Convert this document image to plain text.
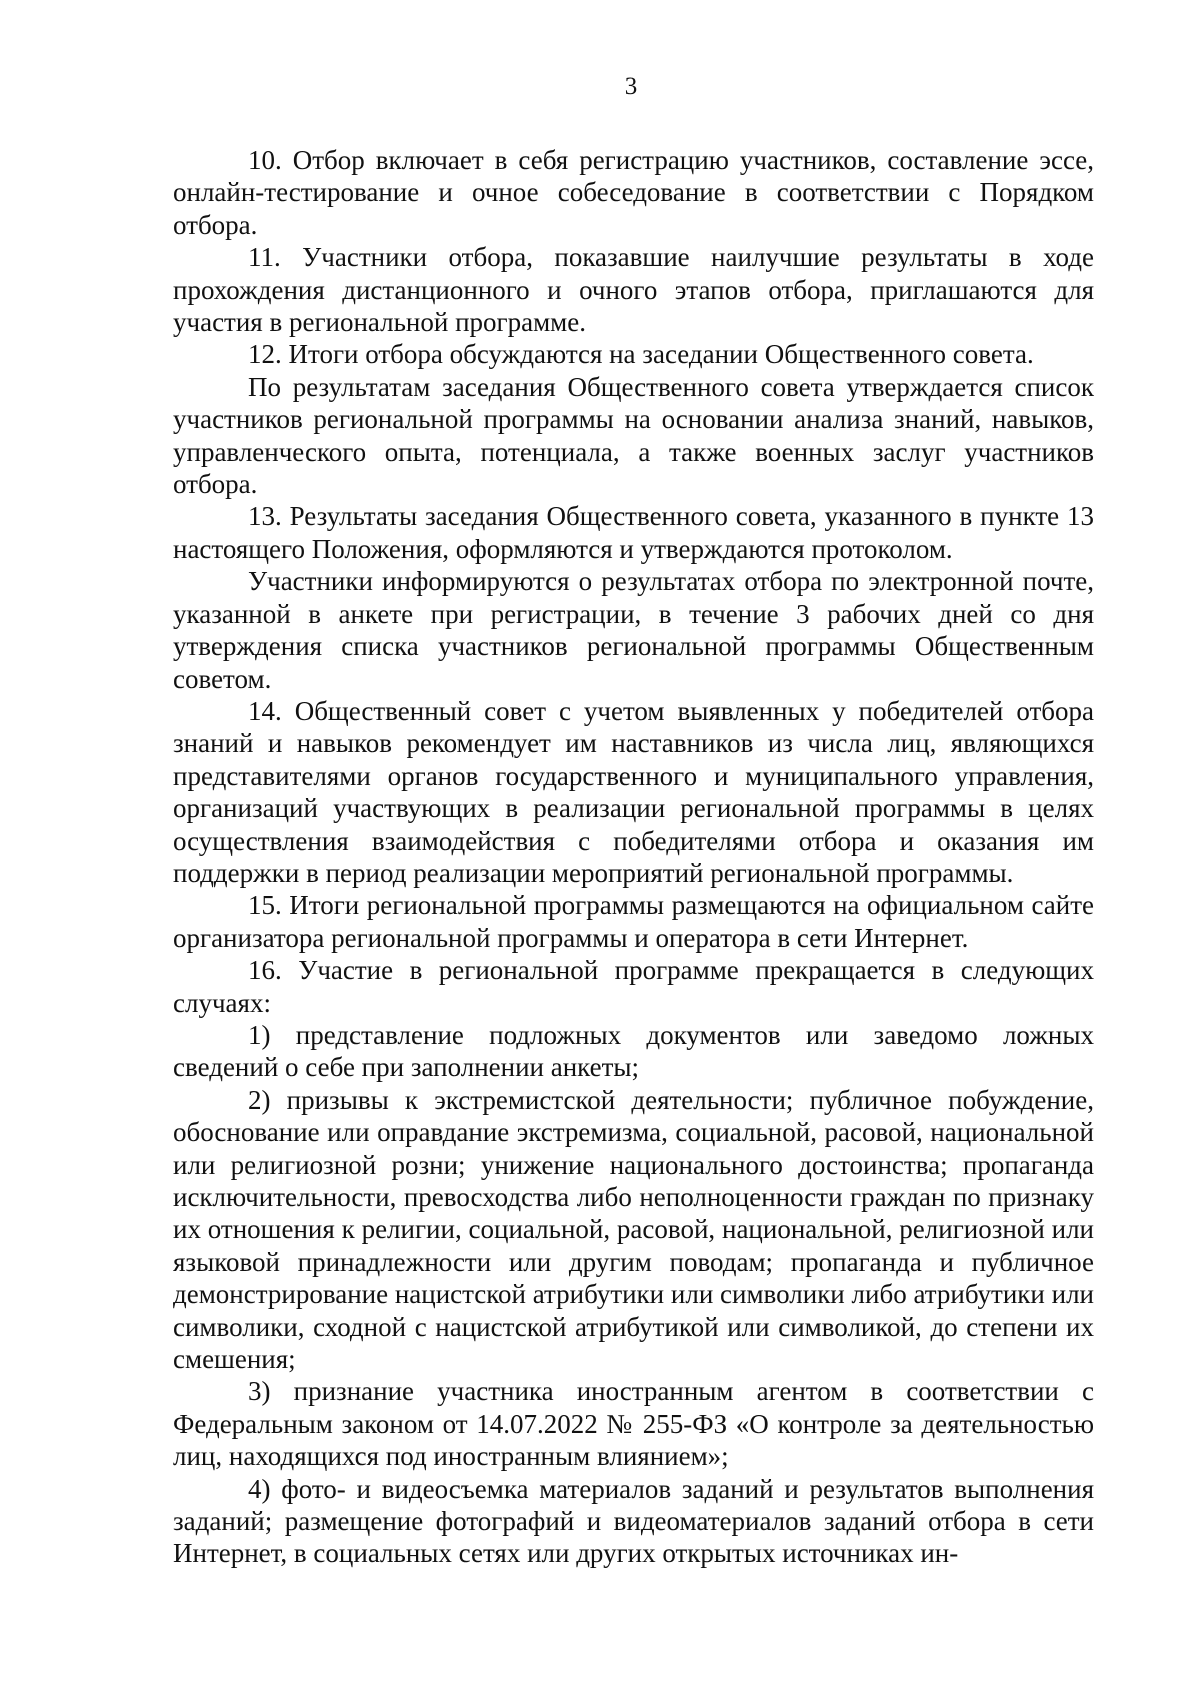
3

10. Отбор включает в себя регистрацию участников, составление эссе, онлайн-тестирование и очное собеседование в соответствии с Порядком отбора.

11. Участники отбора, показавшие наилучшие результаты в ходе прохождения дистанционного и очного этапов отбора, приглашаются для участия в региональной программе.

12. Итоги отбора обсуждаются на заседании Общественного совета.

По результатам заседания Общественного совета утверждается список участников региональной программы на основании анализа знаний, навыков, управленческого опыта, потенциала, а также военных заслуг участников отбора.

13. Результаты заседания Общественного совета, указанного в пункте 13 настоящего Положения, оформляются и утверждаются протоколом.

Участники информируются о результатах отбора по электронной почте, указанной в анкете при регистрации, в течение 3 рабочих дней со дня утверждения списка участников региональной программы Общественным советом.

14. Общественный совет с учетом выявленных у победителей отбора знаний и навыков рекомендует им наставников из числа лиц, являющихся представителями органов государственного и муниципального управления, организаций участвующих в реализации региональной программы в целях осуществления взаимодействия с победителями отбора и оказания им поддержки в период реализации мероприятий региональной программы.

15. Итоги региональной программы размещаются на официальном сайте организатора региональной программы и оператора в сети Интернет.

16. Участие в региональной программе прекращается в следующих случаях:

1) представление подложных документов или заведомо ложных сведений о себе при заполнении анкеты;

2) призывы к экстремистской деятельности; публичное побуждение, обоснование или оправдание экстремизма, социальной, расовой, национальной или религиозной розни; унижение национального достоинства; пропаганда исключительности, превосходства либо неполноценности граждан по признаку их отношения к религии, социальной, расовой, национальной, религиозной или языковой принадлежности или другим поводам; пропаганда и публичное демонстрирование нацистской атрибутики или символики либо атрибутики или символики, сходной с нацистской атрибутикой или символикой, до степени их смешения;

3) признание участника иностранным агентом в соответствии с Федеральным законом от 14.07.2022 № 255-ФЗ «О контроле за деятельностью лиц, находящихся под иностранным влиянием»;

4) фото- и видеосъемка материалов заданий и результатов выполнения заданий; размещение фотографий и видеоматериалов заданий отбора в сети Интернет, в социальных сетях или других открытых источниках ин-
